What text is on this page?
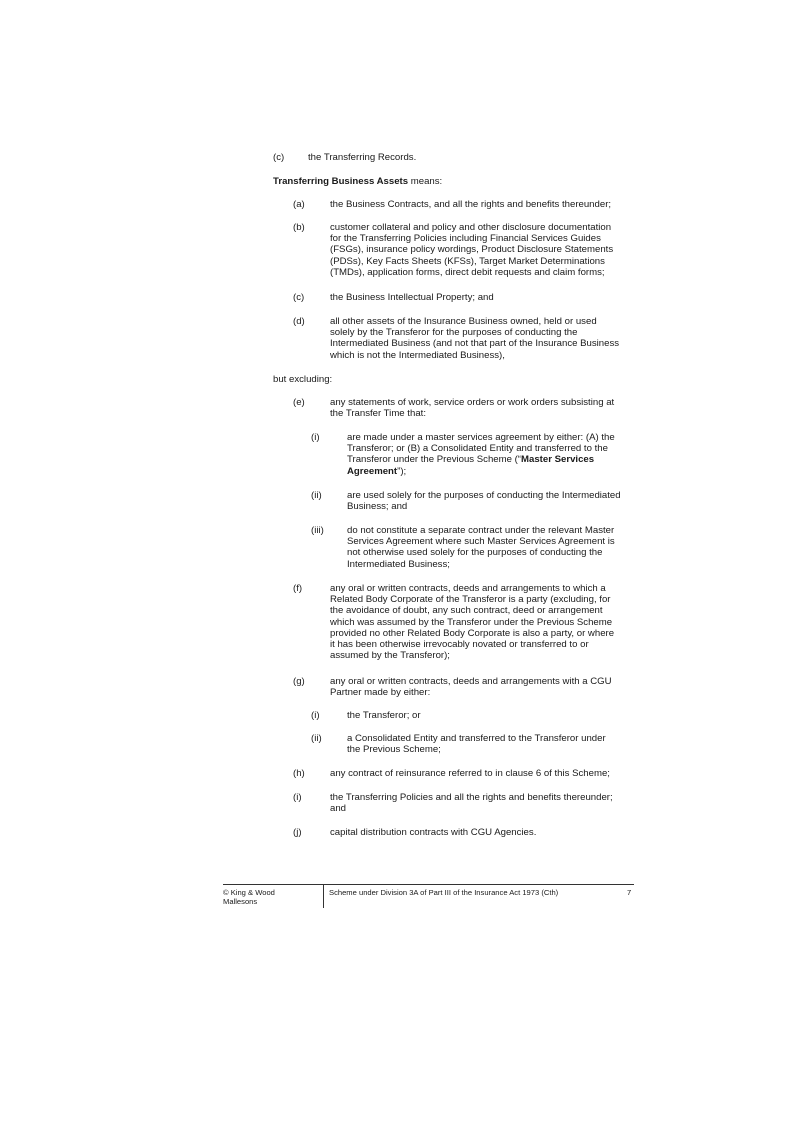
(c) the Transferring Records.
Transferring Business Assets means:
(a)	the Business Contracts, and all the rights and benefits thereunder;
(b)	customer collateral and policy and other disclosure documentation
for the Transferring Policies including Financial Services Guides
(FSGs), insurance policy wordings, Product Disclosure Statements
(PDSs), Key Facts Sheets (KFSs), Target Market Determinations
(TMDs), application forms, direct debit requests and claim forms;
(c)	the Business Intellectual Property; and
(d)	all other assets of the Insurance Business owned, held or used
solely by the Transferor for the purposes of conducting the
Intermediated Business (and not that part of the Insurance Business
which is not the Intermediated Business),
but excluding:
(e)	any statements of work, service orders or work orders subsisting at
the Transfer Time that:
(i)	are made under a master services agreement by either: (A) the
Transferor; or (B) a Consolidated Entity and transferred to the
Transferor under the Previous Scheme (“Master Services
Agreement”);
(ii)	are used solely for the purposes of conducting the Intermediated
Business; and
(iii) do not constitute a separate contract under the relevant Master
Services Agreement where such Master Services Agreement is
not otherwise used solely for the purposes of conducting the
Intermediated Business;
(f)	any oral or written contracts, deeds and arrangements to which a
Related Body Corporate of the Transferor is a party (excluding, for
the avoidance of doubt, any such contract, deed or arrangement
which was assumed by the Transferor under the Previous Scheme
provided no other Related Body Corporate is also a party, or where
it has been otherwise irrevocably novated or transferred to or
assumed by the Transferor);
(g)	any oral or written contracts, deeds and arrangements with a CGU
Partner made by either:
(i)	the Transferor; or
(ii)	a Consolidated Entity and transferred to the Transferor under
the Previous Scheme;
(h)	any contract of reinsurance referred to in clause 6 of this Scheme;
(i)	the Transferring Policies and all the rights and benefits thereunder;
and
(j)	capital distribution contracts with CGU Agencies.
© King & Wood
Mallesons
Scheme under Division 3A of Part III of the Insurance Act 1973 (Cth)	7
